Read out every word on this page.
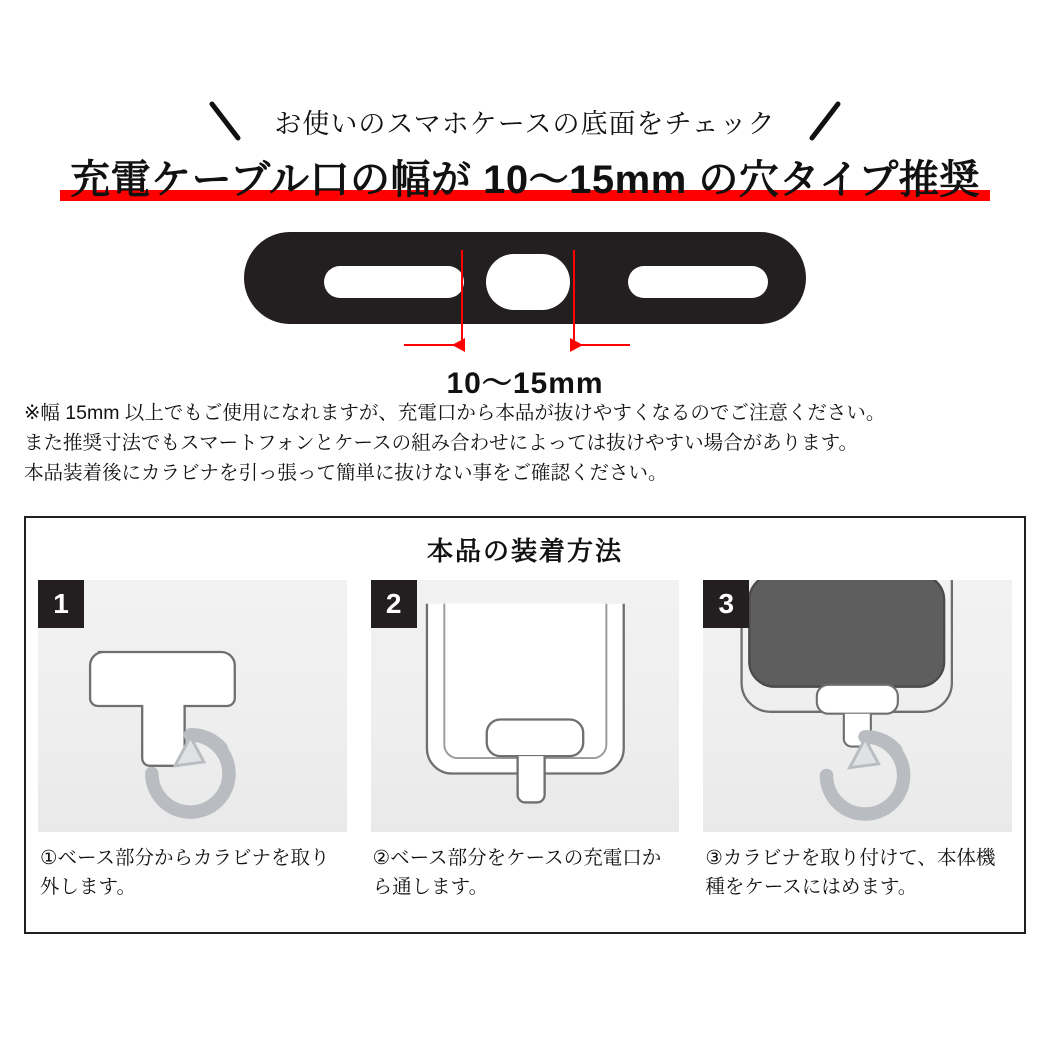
お使いのスマホケースの底面をチェック
充電ケーブル口の幅が 10〜15mm の穴タイプ推奨
10〜15mm

※幅 15mm 以上でもご使用になれますが、充電口から本品が抜けやすくなるのでご注意ください。

また推奨寸法でもスマートフォンとケースの組み合わせによっては抜けやすい場合があります。

本品装着後にカラビナを引っ張って簡単に抜けない事をご確認ください。

本品の装着方法
1
①ベース部分からカラビナを取り外します。
2
②ベース部分をケースの充電口から通します。
3
③カラビナを取り付けて、本体機種をケースにはめます。
